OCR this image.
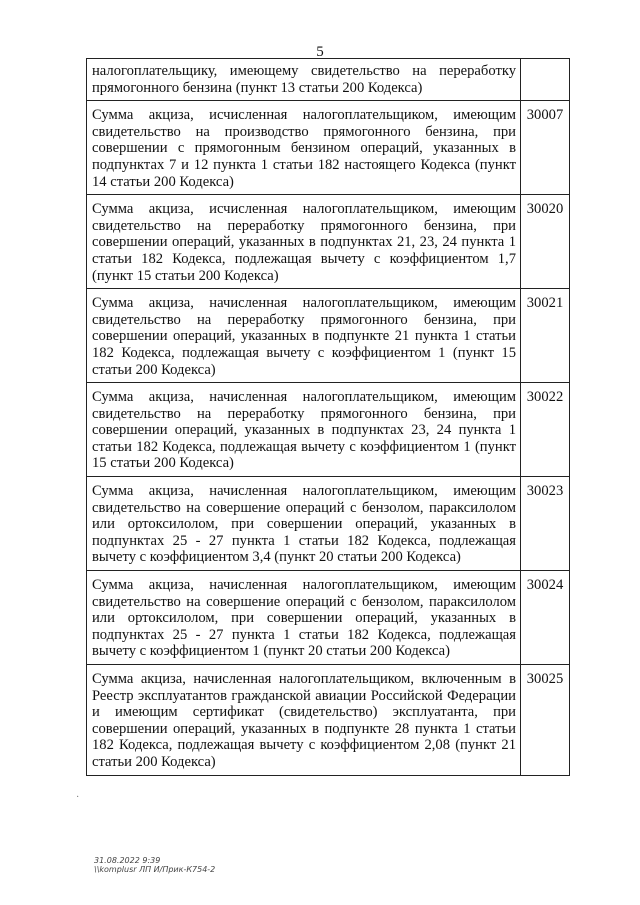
5
налогоплательщику, имеющему свидетельство на переработку прямогонного бензина (пункт 13 статьи 200 Кодекса)	
Сумма акциза, исчисленная налогоплательщиком, имеющим свидетельство на производство прямогонного бензина, при совершении с прямогонным бензином операций, указанных в подпунктах 7 и 12 пункта 1 статьи 182 настоящего Кодекса (пункт 14 статьи 200 Кодекса)	30007
Сумма акциза, исчисленная налогоплательщиком, имеющим свидетельство на переработку прямогонного бензина, при совершении операций, указанных в подпунктах 21, 23, 24 пункта 1 статьи 182 Кодекса, подлежащая вычету с коэффициентом 1,7 (пункт 15 статьи 200 Кодекса)	30020
Сумма акциза, начисленная налогоплательщиком, имеющим свидетельство на переработку прямогонного бензина, при совершении операций, указанных в подпункте 21 пункта 1 статьи 182 Кодекса, подлежащая вычету с коэффициентом 1 (пункт 15 статьи 200 Кодекса)	30021
Сумма акциза, начисленная налогоплательщиком, имеющим свидетельство на переработку прямогонного бензина, при совершении операций, указанных в подпунктах 23, 24 пункта 1 статьи 182 Кодекса, подлежащая вычету с коэффициентом 1 (пункт 15 статьи 200 Кодекса)	30022
Сумма акциза, начисленная налогоплательщиком, имеющим свидетельство на совершение операций с бензолом, параксилолом или ортоксилолом, при совершении операций, указанных в подпунктах 25 - 27 пункта 1 статьи 182 Кодекса, подлежащая вычету с коэффициентом 3,4 (пункт 20 статьи 200 Кодекса)	30023
Сумма акциза, начисленная налогоплательщиком, имеющим свидетельство на совершение операций с бензолом, параксилолом или ортоксилолом, при совершении операций, указанных в подпунктах 25 - 27 пункта 1 статьи 182 Кодекса, подлежащая вычету с коэффициентом 1 (пункт 20 статьи 200 Кодекса)	30024
Сумма акциза, начисленная налогоплательщиком, включенным в Реестр эксплуатантов гражданской авиации Российской Федерации и имеющим сертификат (свидетельство) эксплуатанта, при совершении операций, указанных в подпункте 28 пункта 1 статьи 182 Кодекса, подлежащая вычету с коэффициентом 2,08 (пункт 21 статьи 200 Кодекса)	30025
·
31.08.2022 9:39
\\komplusr ЛП И/Прик-К754-2
